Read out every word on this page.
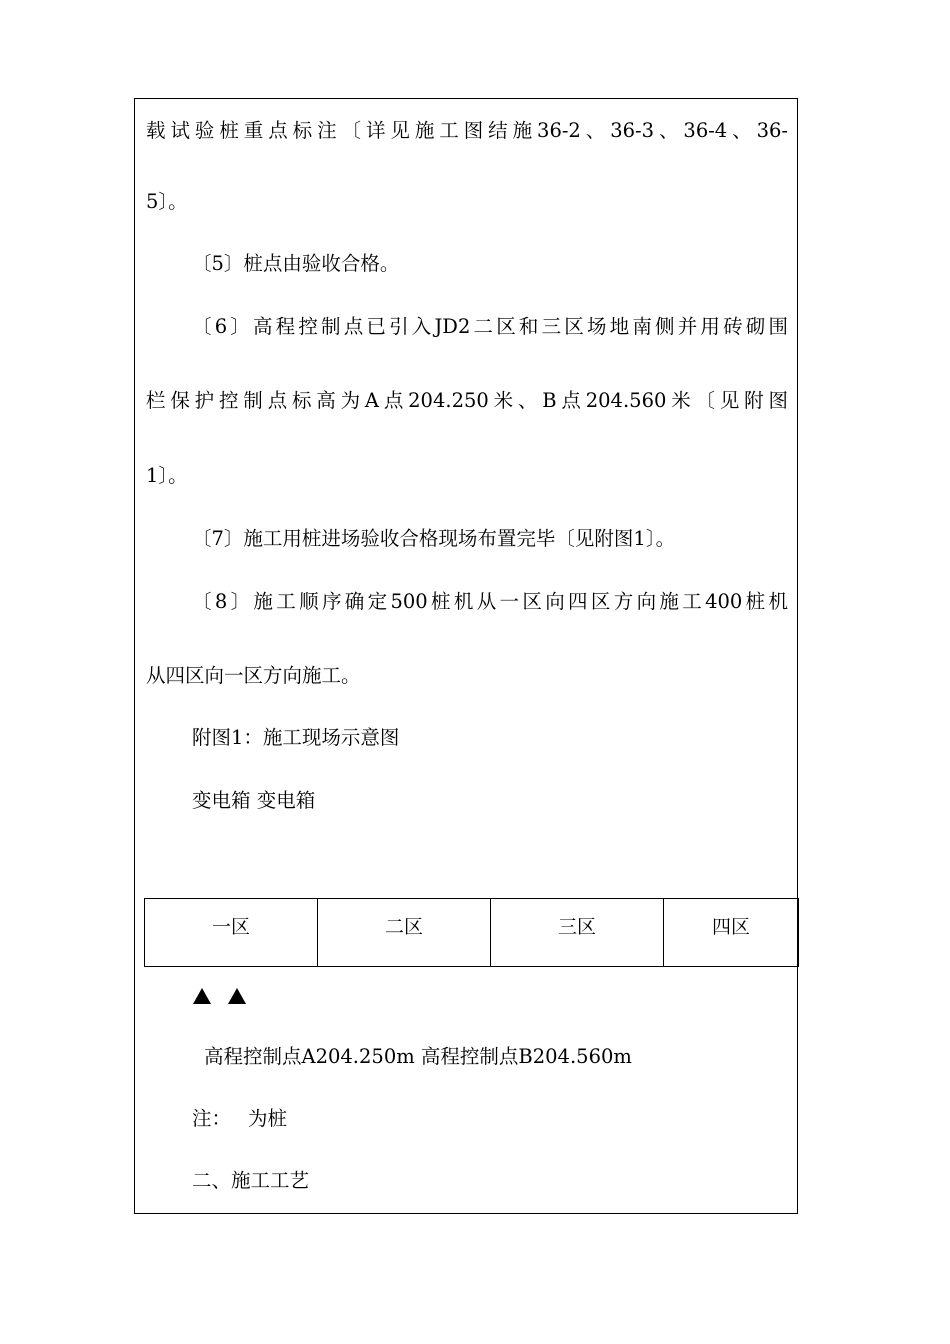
载试验桩重点标注〔详见施工图结施36-2、36-3、36-4、36-
5〕。
〔5〕桩点由验收合格。
〔6〕高程控制点已引入JD2二区和三区场地南侧并用砖砌围
栏保护控制点标高为A点204.250米、B点204.560米〔见附图
1〕。
〔7〕施工用桩进场验收合格现场布置完毕〔见附图1〕。
〔8〕施工顺序确定500桩机从一区向四区方向施工400桩机
从四区向一区方向施工。
附图1：施工现场示意图
变电箱 变电箱
一区	二区	三区	四区
高程控制点A204.250m 高程控制点B204.560m
注： 为桩
二、施工工艺
